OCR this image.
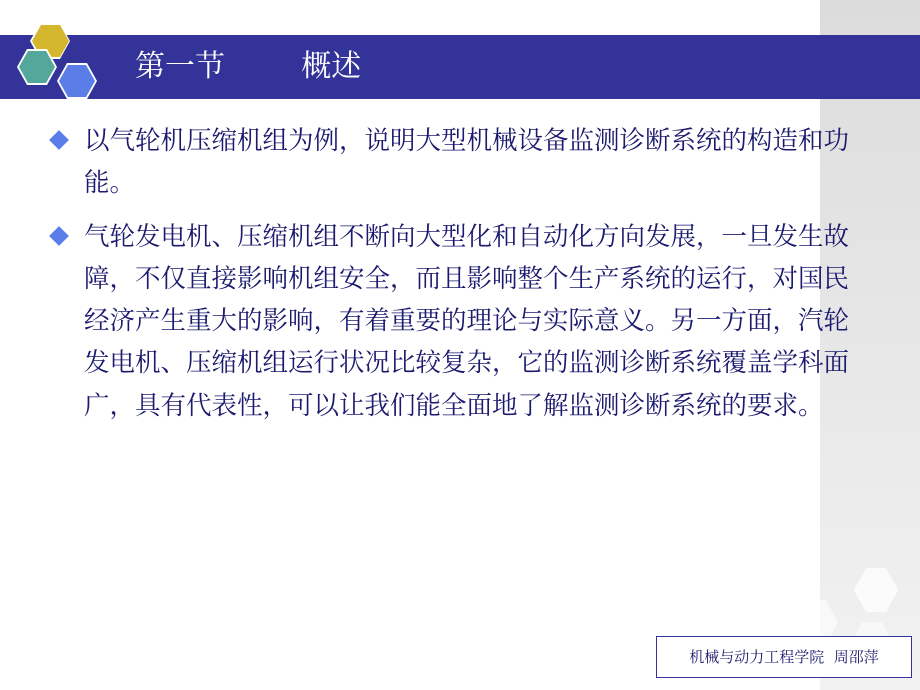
第一节        概述
以气轮机压缩机组为例，说明大型机械设备监测诊断系统的构造和功能。
气轮发电机、压缩机组不断向大型化和自动化方向发展，一旦发生故障，不仅直接影响机组安全，而且影响整个生产系统的运行，对国民经济产生重大的影响，有着重要的理论与实际意义。另一方面，汽轮发电机、压缩机组运行状况比较复杂，它的监测诊断系统覆盖学科面广，具有代表性，可以让我们能全面地了解监测诊断系统的要求。
机械与动力工程学院  周邵萍
